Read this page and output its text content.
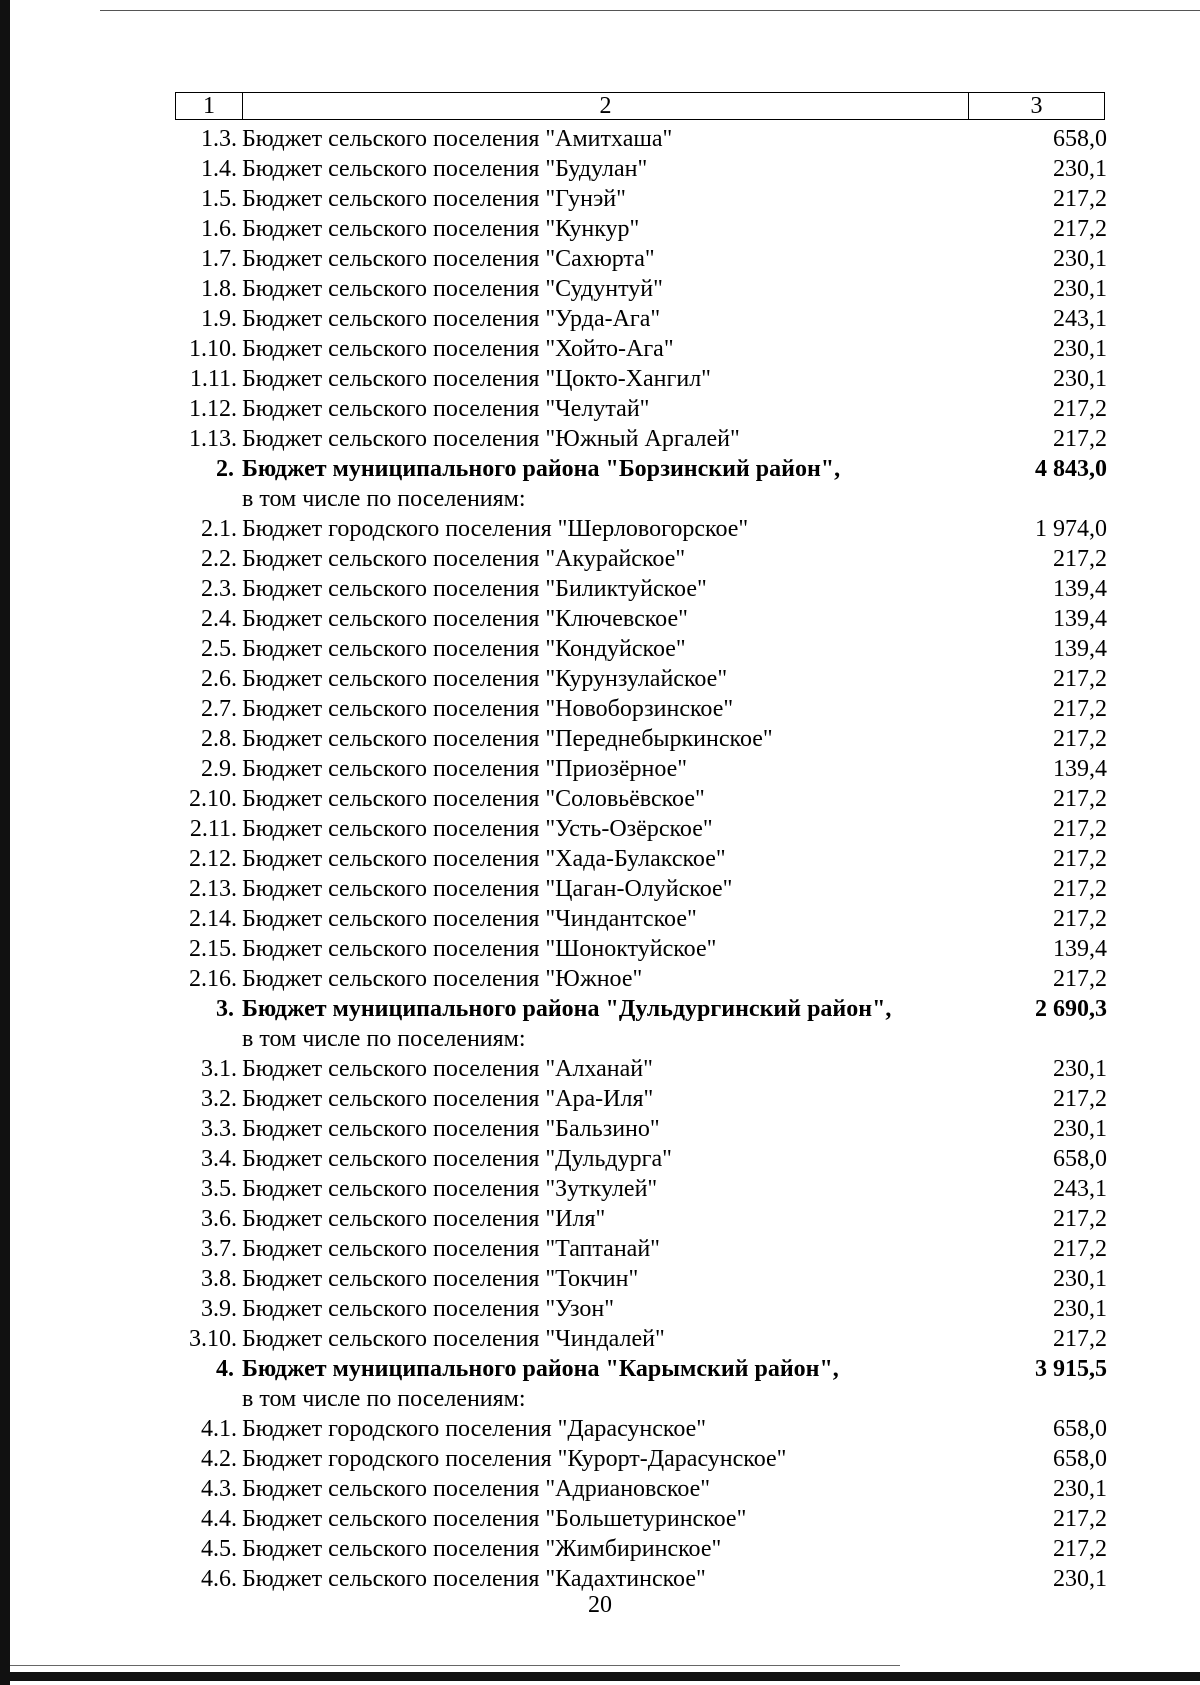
1	2	3
1.3. Бюджет сельского поселения "Амитхаша"	658,0
1.4. Бюджет сельского поселения "Будулан"	230,1
1.5. Бюджет сельского поселения "Гунэй"	217,2
1.6. Бюджет сельского поселения "Кункур"	217,2
1.7. Бюджет сельского поселения "Сахюрта"	230,1
1.8. Бюджет сельского поселения "Судунтуй"	230,1
1.9. Бюджет сельского поселения "Урда-Ага"	243,1
1.10. Бюджет сельского поселения "Хойто-Ага"	230,1
1.11. Бюджет сельского поселения "Цокто-Хангил"	230,1
1.12. Бюджет сельского поселения "Челутай"	217,2
1.13. Бюджет сельского поселения "Южный Аргалей"	217,2
2. Бюджет муниципального района "Борзинский район",	4 843,0
в том числе по поселениям:
2.1. Бюджет городского поселения "Шерловогорское"	1 974,0
2.2. Бюджет сельского поселения "Акурайское"	217,2
2.3. Бюджет сельского поселения "Биликтуйское"	139,4
2.4. Бюджет сельского поселения "Ключевское"	139,4
2.5. Бюджет сельского поселения "Кондуйское"	139,4
2.6. Бюджет сельского поселения "Курунзулайское"	217,2
2.7. Бюджет сельского поселения "Новоборзинское"	217,2
2.8. Бюджет сельского поселения "Переднебыркинское"	217,2
2.9. Бюджет сельского поселения "Приозёрное"	139,4
2.10. Бюджет сельского поселения "Соловьёвское"	217,2
2.11. Бюджет сельского поселения "Усть-Озёрское"	217,2
2.12. Бюджет сельского поселения "Хада-Булакское"	217,2
2.13. Бюджет сельского поселения "Цаган-Олуйское"	217,2
2.14. Бюджет сельского поселения "Чиндантское"	217,2
2.15. Бюджет сельского поселения "Шоноктуйское"	139,4
2.16. Бюджет сельского поселения "Южное"	217,2
3. Бюджет муниципального района "Дульдургинский район",	2 690,3
в том числе по поселениям:
3.1. Бюджет сельского поселения "Алханай"	230,1
3.2. Бюджет сельского поселения "Ара-Иля"	217,2
3.3. Бюджет сельского поселения "Бальзино"	230,1
3.4. Бюджет сельского поселения "Дульдурга"	658,0
3.5. Бюджет сельского поселения "Зуткулей"	243,1
3.6. Бюджет сельского поселения "Иля"	217,2
3.7. Бюджет сельского поселения "Таптанай"	217,2
3.8. Бюджет сельского поселения "Токчин"	230,1
3.9. Бюджет сельского поселения "Узон"	230,1
3.10. Бюджет сельского поселения "Чиндалей"	217,2
4. Бюджет муниципального района "Карымский район",	3 915,5
в том числе по поселениям:
4.1. Бюджет городского поселения "Дарасунское"	658,0
4.2. Бюджет городского поселения "Курорт-Дарасунское"	658,0
4.3. Бюджет сельского поселения "Адриановское"	230,1
4.4. Бюджет сельского поселения "Большетуринское"	217,2
4.5. Бюджет сельского поселения "Жимбиринское"	217,2
4.6. Бюджет сельского поселения "Кадахтинское"	230,1
20
